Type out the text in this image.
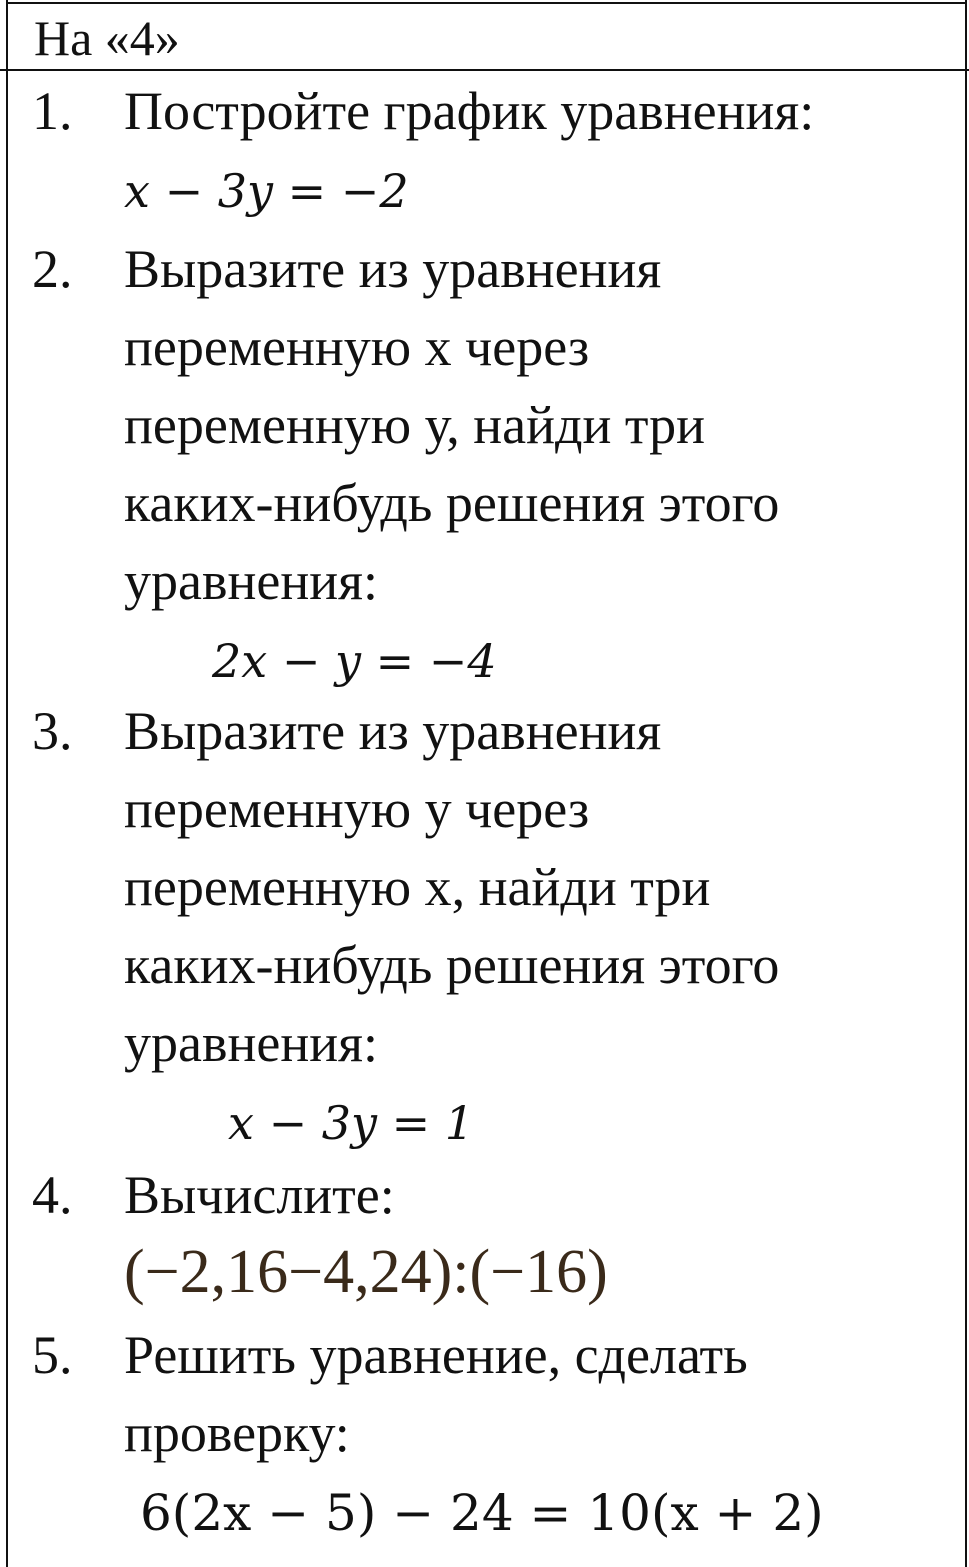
На «4»
1. Постройте график уравнения:
x − 3y = −2
2. Выразите из уравнения
переменную х через
переменную у, найди три
каких-нибудь решения этого
уравнения:
2x − y = −4
3. Выразите из уравнения
переменную у через
переменную х, найди три
каких-нибудь решения этого
уравнения:
x − 3y = 1
4. Вычислите:
(−2,16−4,24):(−16)
5. Решить уравнение, сделать
проверку:
6(2x − 5) − 24 = 10(x + 2)
